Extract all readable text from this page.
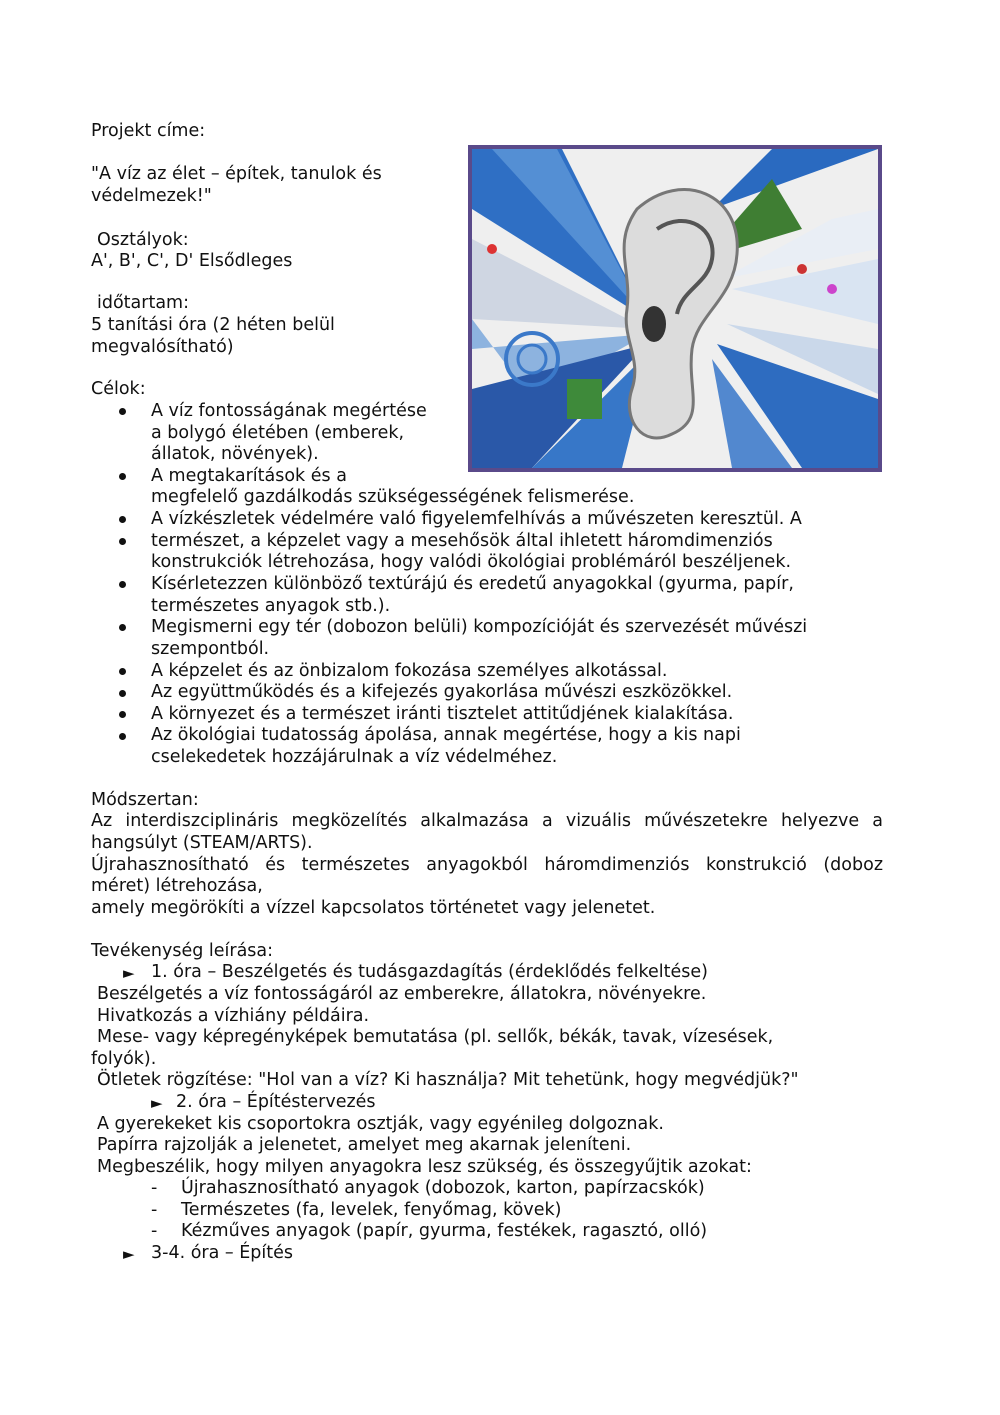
Projekt címe:
"A víz az élet – építek, tanulok és
védelmezek!"
Osztályok:
A', B', C', D' Elsődleges
időtartam:
5 tanítási óra (2 héten belül
megvalósítható)
Célok:
A víz fontosságának megértése
a bolygó életében (emberek,
állatok, növények).
A megtakarítások és a
megfelelő gazdálkodás szükségességének felismerése.
A vízkészletek védelmére való figyelemfelhívás a művészeten keresztül. A
természet, a képzelet vagy a mesehősök által ihletett háromdimenziós
konstrukciók létrehozása, hogy valódi ökológiai problémáról beszéljenek.
Kísérletezzen különböző textúrájú és eredetű anyagokkal (gyurma, papír,
természetes anyagok stb.).
Megismerni egy tér (dobozon belüli) kompozícióját és szervezését művészi
szempontból.
A képzelet és az önbizalom fokozása személyes alkotással.
Az együttműködés és a kifejezés gyakorlása művészi eszközökkel.
A környezet és a természet iránti tisztelet attitűdjének kialakítása.
Az ökológiai tudatosság ápolása, annak megértése, hogy a kis napi
cselekedetek hozzájárulnak a víz védelméhez.
Módszertan:
Az interdiszciplináris megközelítés alkalmazása a vizuális művészetekre helyezve a
hangsúlyt (STEAM/ARTS).
Újrahasznosítható és természetes anyagokból háromdimenziós konstrukció (doboz
méret) létrehozása,
amely megörökíti a vízzel kapcsolatos történetet vagy jelenetet.
Tevékenység leírása:
► 1. óra – Beszélgetés és tudásgazdagítás (érdeklődés felkeltése)
Beszélgetés a víz fontosságáról az emberekre, állatokra, növényekre.
Hivatkozás a vízhiány példáira.
Mese- vagy képregényképek bemutatása (pl. sellők, békák, tavak, vízesések,
folyók).
Ötletek rögzítése: "Hol van a víz? Ki használja? Mit tehetünk, hogy megvédjük?"
► 2. óra – Építéstervezés
A gyerekeket kis csoportokra osztják, vagy egyénileg dolgoznak.
Papírra rajzolják a jelenetet, amelyet meg akarnak jeleníteni.
Megbeszélik, hogy milyen anyagokra lesz szükség, és összegyűjtik azokat:
- Újrahasznosítható anyagok (dobozok, karton, papírzacskók)
- Természetes (fa, levelek, fenyőmag, kövek)
- Kézműves anyagok (papír, gyurma, festékek, ragasztó, olló)
► 3-4. óra – Építés
